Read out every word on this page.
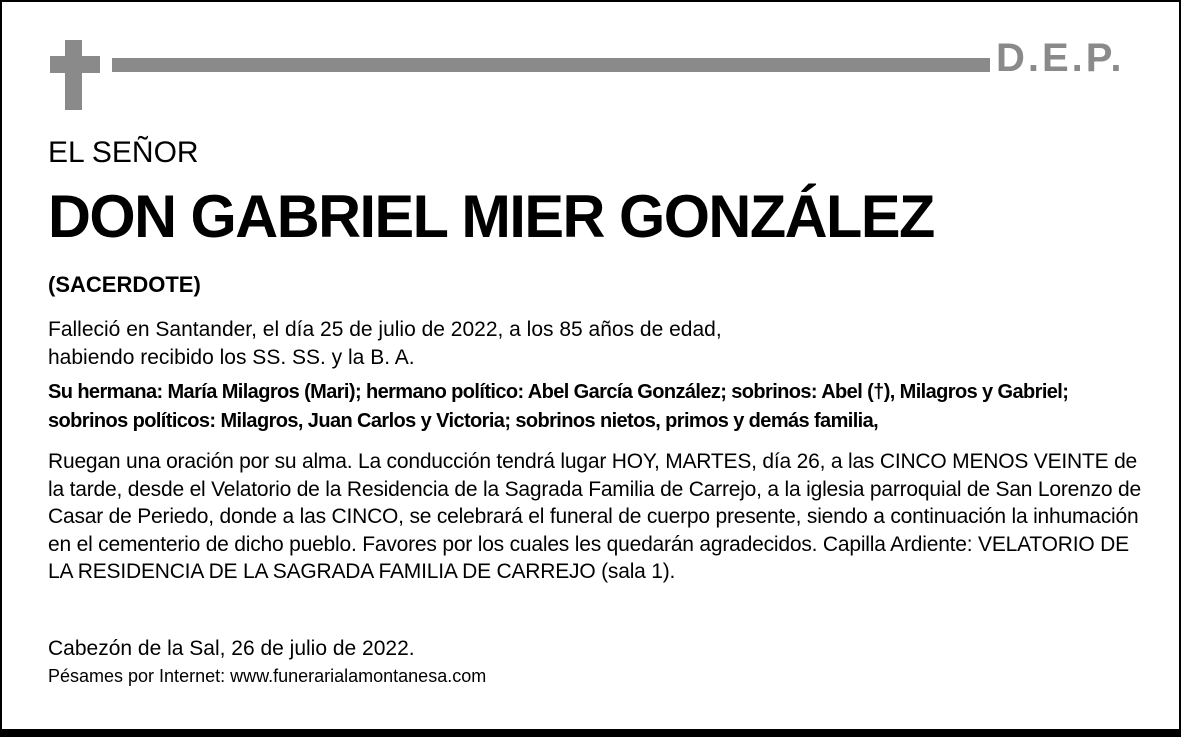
D.E.P.
EL SEÑOR
DON GABRIEL MIER GONZÁLEZ
(SACERDOTE)
Falleció en Santander, el día 25 de julio de 2022, a los 85 años de edad,
habiendo recibido los SS. SS. y la B. A.
Su hermana: María Milagros (Mari); hermano político: Abel García González; sobrinos: Abel (†), Milagros y Gabriel; sobrinos políticos: Milagros, Juan Carlos y Victoria; sobrinos nietos, primos y demás familia,
Ruegan una oración por su alma. La conducción tendrá lugar HOY, MARTES, día 26, a las CINCO MENOS VEINTE de la tarde, desde el Velatorio de la Residencia de la Sagrada Familia de Carrejo, a la iglesia parroquial de San Lorenzo de Casar de Periedo, donde a las CINCO, se celebrará el funeral de cuerpo presente, siendo a continuación la inhumación en el cementerio de dicho pueblo. Favores por los cuales les quedarán agradecidos. Capilla Ardiente: VELATORIO DE LA RESIDENCIA DE LA SAGRADA FAMILIA DE CARREJO (sala 1).
Cabezón de la Sal, 26 de julio de 2022.
Pésames por Internet: www.funerarialamontanesa.com
